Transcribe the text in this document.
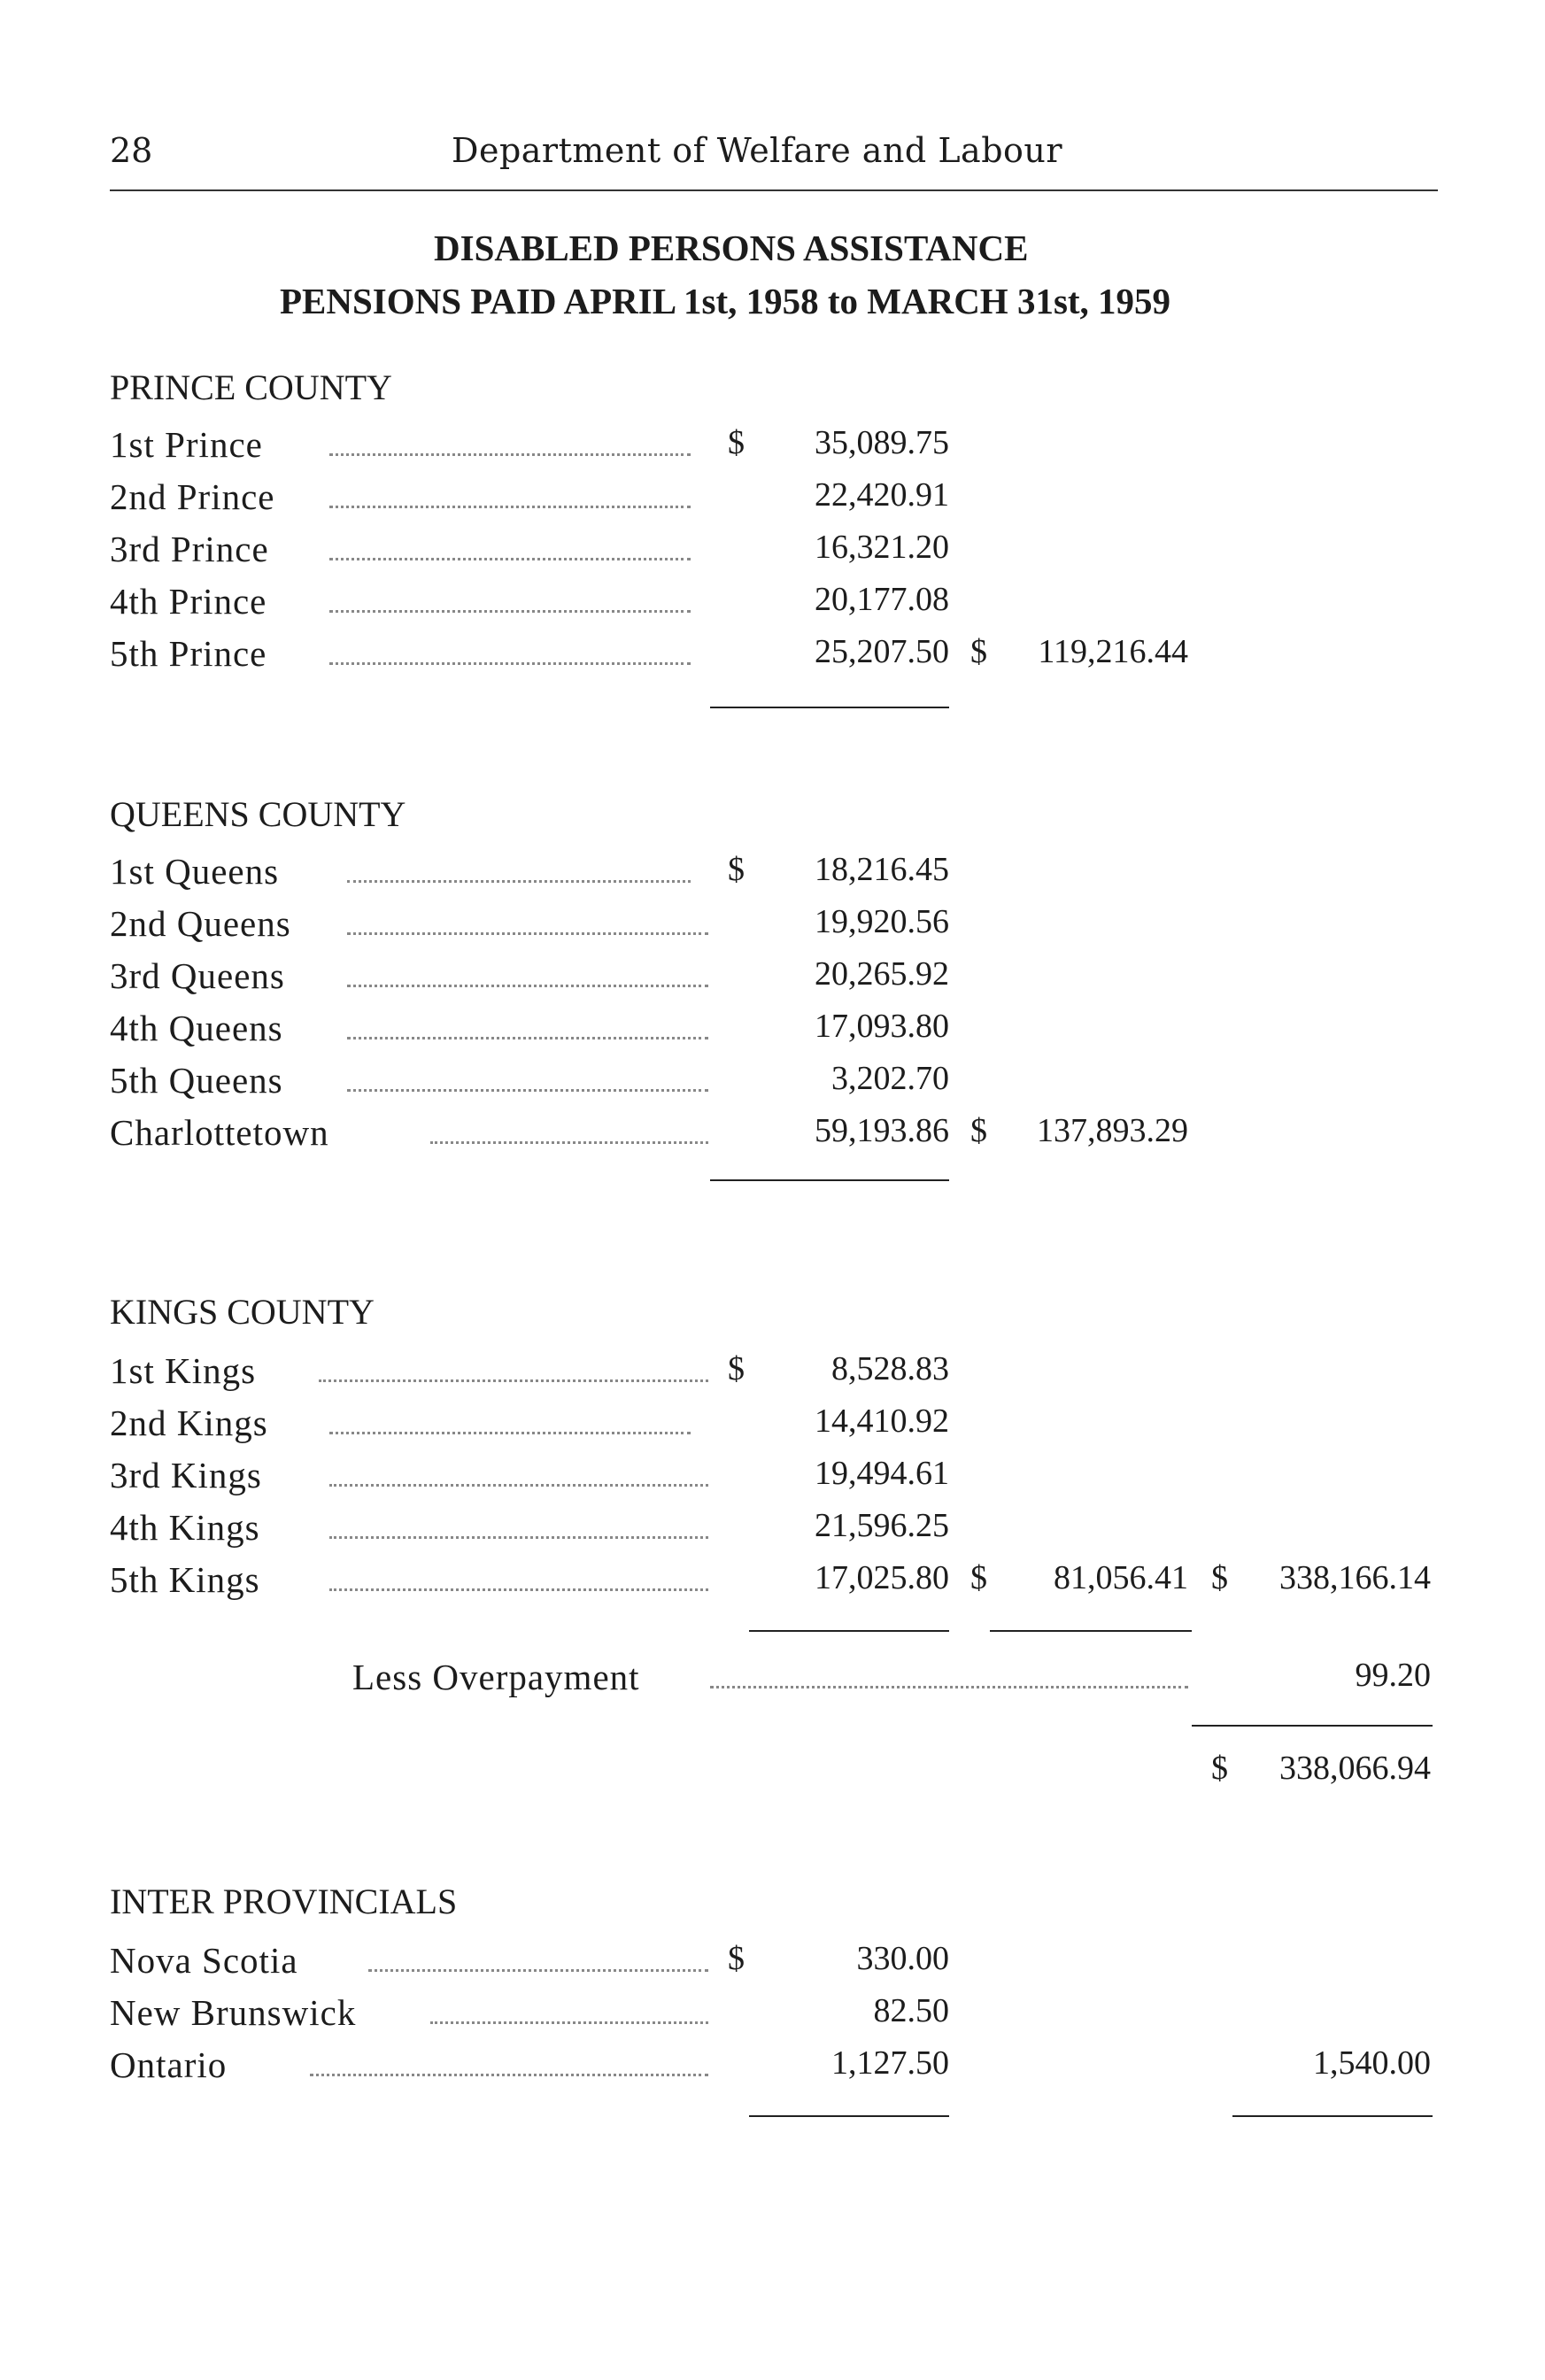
28	Department of Welfare and Labour
DISABLED PERSONS ASSISTANCE
PENSIONS PAID APRIL 1st, 1958 to MARCH 31st, 1959
PRINCE COUNTY
1st Prince	$	35,089.75
2nd Prince	22,420.91
3rd Prince	16,321.20
4th Prince	20,177.08
5th Prince	25,207.50 $	119,216.44
QUEENS COUNTY
1st Queens	$	18,216.45
2nd Queens	19,920.56
3rd Queens	20,265.92
4th Queens	17,093.80
5th Queens	3,202.70
Charlottetown	59,193.86 $	137,893.29
KINGS COUNTY
1st Kings	$	8,528.83
2nd Kings	14,410.92
3rd Kings	19,494.61
4th Kings	21,596.25
5th Kings	17,025.80 $	81,056.41 $	338,166.14
Less Overpayment	99.20
$	338,066.94
INTER PROVINCIALS
Nova Scotia	$	330.00
New Brunswick	82.50
Ontario	1,127.50	1,540.00
